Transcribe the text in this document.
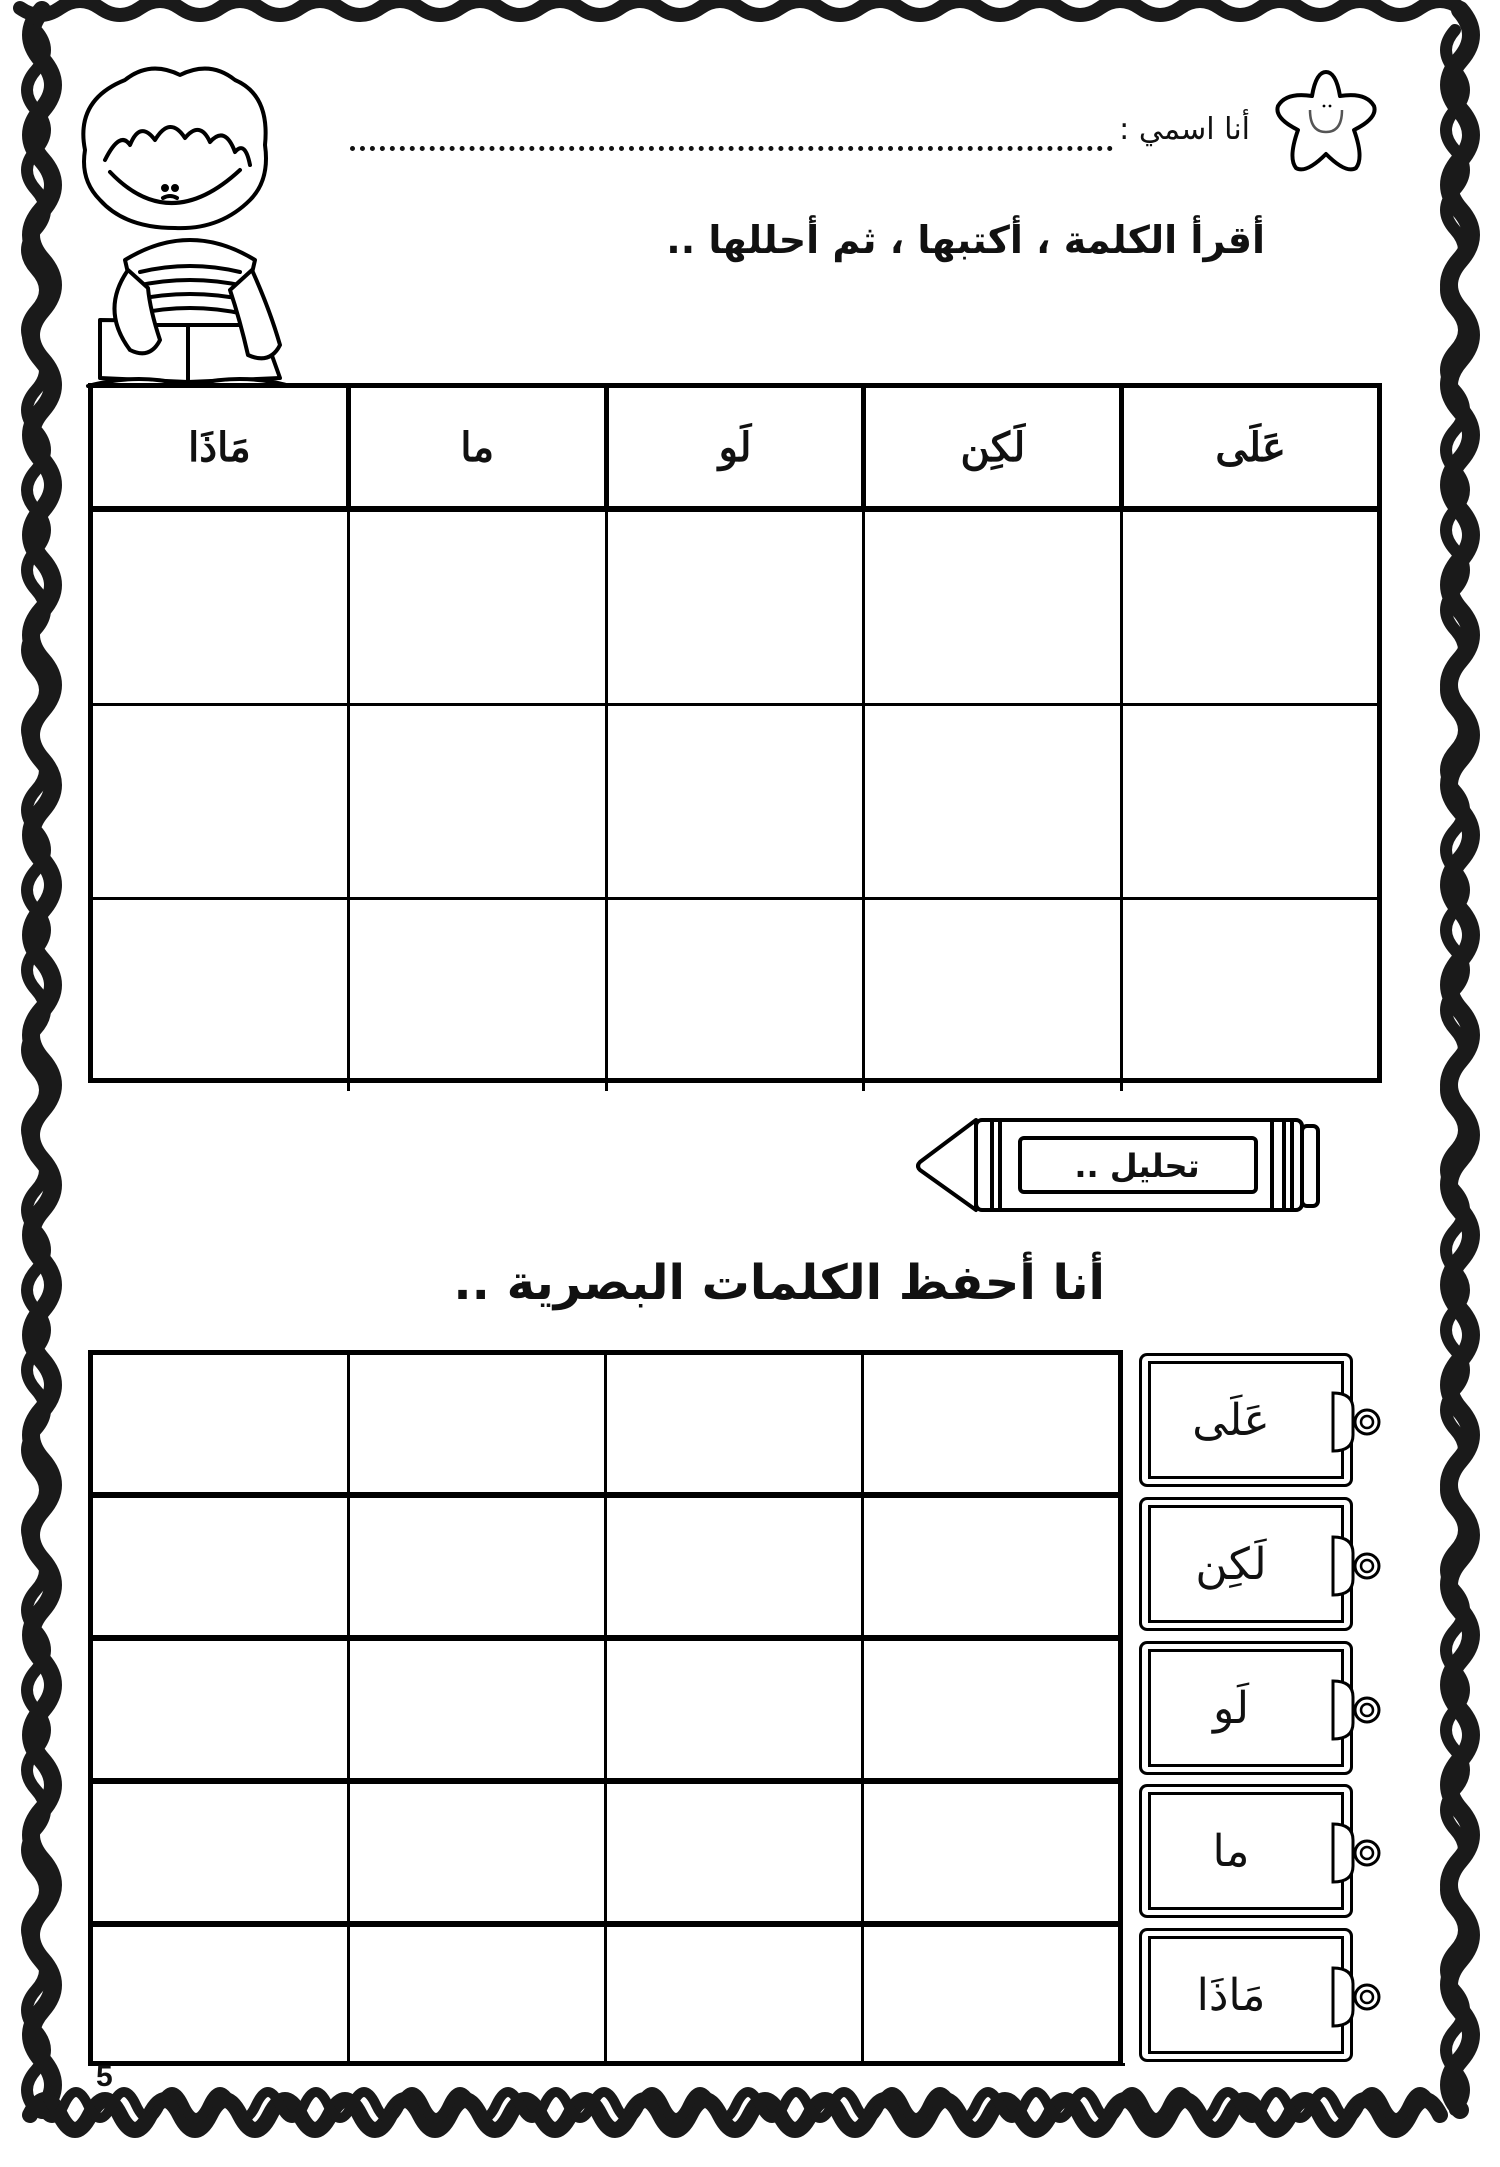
أنا اسمي :
أقرأ الكلمة ، أكتبها ، ثم أحللها ..
عَلَى
لَكِن
لَو
ما
مَاذَا
تحليل ..
أنا أحفظ الكلمات البصرية ..
عَلَى
لَكِن
لَو
ما
مَاذَا
5
